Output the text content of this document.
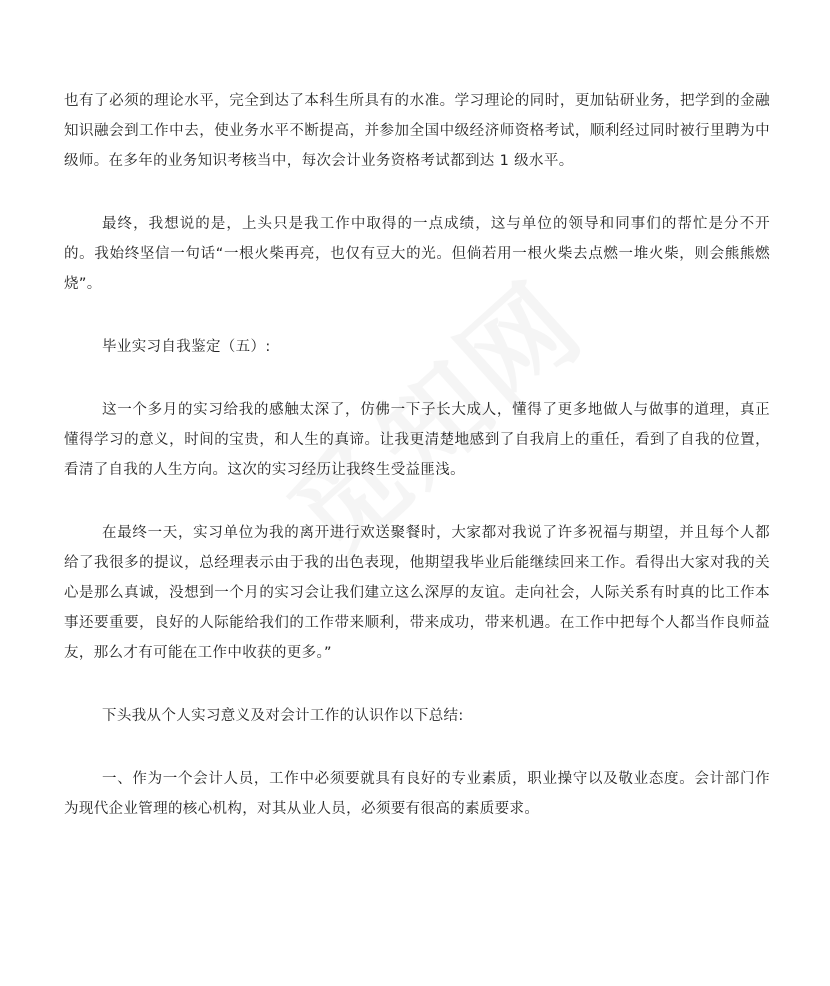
也有了必须的理论水平，完全到达了本科生所具有的水准。学习理论的同时，更加钻研业务，把学到的金融知识融会到工作中去，使业务水平不断提高，并参加全国中级经济师资格考试，顺利经过同时被行里聘为中级师。在多年的业务知识考核当中，每次会计业务资格考试都到达 1 级水平。

最终，我想说的是，上头只是我工作中取得的一点成绩，这与单位的领导和同事们的帮忙是分不开的。我始终坚信一句话“一根火柴再亮，也仅有豆大的光。但倘若用一根火柴去点燃一堆火柴，则会熊熊燃烧”。

毕业实习自我鉴定（五）:

这一个多月的实习给我的感触太深了，仿佛一下子长大成人，懂得了更多地做人与做事的道理，真正懂得学习的意义，时间的宝贵，和人生的真谛。让我更清楚地感到了自我肩上的重任，看到了自我的位置，看清了自我的人生方向。这次的实习经历让我终生受益匪浅。

在最终一天，实习单位为我的离开进行欢送聚餐时，大家都对我说了许多祝福与期望，并且每个人都给了我很多的提议，总经理表示由于我的出色表现，他期望我毕业后能继续回来工作。看得出大家对我的关心是那么真诚，没想到一个月的实习会让我们建立这么深厚的友谊。走向社会，人际关系有时真的比工作本事还要重要，良好的人际能给我们的工作带来顺利，带来成功，带来机遇。在工作中把每个人都当作良师益友，那么才有可能在工作中收获的更多。”

下头我从个人实习意义及对会计工作的认识作以下总结:

一、作为一个会计人员，工作中必须要就具有良好的专业素质，职业操守以及敬业态度。会计部门作为现代企业管理的核心机构，对其从业人员，必须要有很高的素质要求。
